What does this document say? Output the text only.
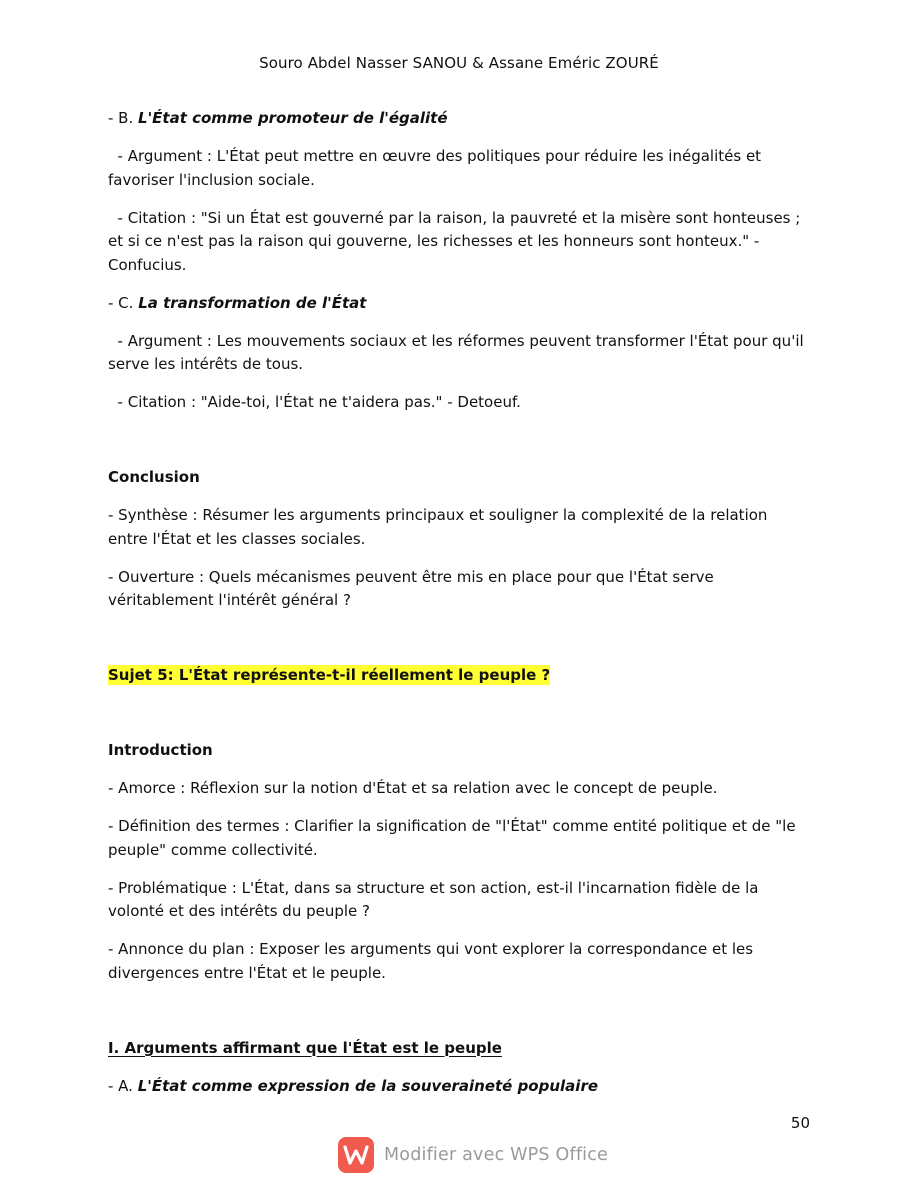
Souro Abdel Nasser SANOU & Assane Eméric ZOURÉ

- B. L'État comme promoteur de l'égalité

- Argument : L'État peut mettre en œuvre des politiques pour réduire les inégalités et favoriser l'inclusion sociale.

- Citation : "Si un État est gouverné par la raison, la pauvreté et la misère sont honteuses ; et si ce n'est pas la raison qui gouverne, les richesses et les honneurs sont honteux." - Confucius.

- C. La transformation de l'État

- Argument : Les mouvements sociaux et les réformes peuvent transformer l'État pour qu'il serve les intérêts de tous.

- Citation : "Aide-toi, l'État ne t'aidera pas." - Detoeuf.

Conclusion

- Synthèse : Résumer les arguments principaux et souligner la complexité de la relation entre l'État et les classes sociales.

- Ouverture : Quels mécanismes peuvent être mis en place pour que l'État serve véritablement l'intérêt général ?

Sujet 5: L'État représente-t-il réellement le peuple ?

Introduction

- Amorce : Réflexion sur la notion d'État et sa relation avec le concept de peuple.

- Définition des termes : Clarifier la signification de "l'État" comme entité politique et de "le peuple" comme collectivité.

- Problématique : L'État, dans sa structure et son action, est-il l'incarnation fidèle de la volonté et des intérêts du peuple ?

- Annonce du plan : Exposer les arguments qui vont explorer la correspondance et les divergences entre l'État et le peuple.

I. Arguments affirmant que l'État est le peuple

- A. L'État comme expression de la souveraineté populaire

50
Modifier avec WPS Office
